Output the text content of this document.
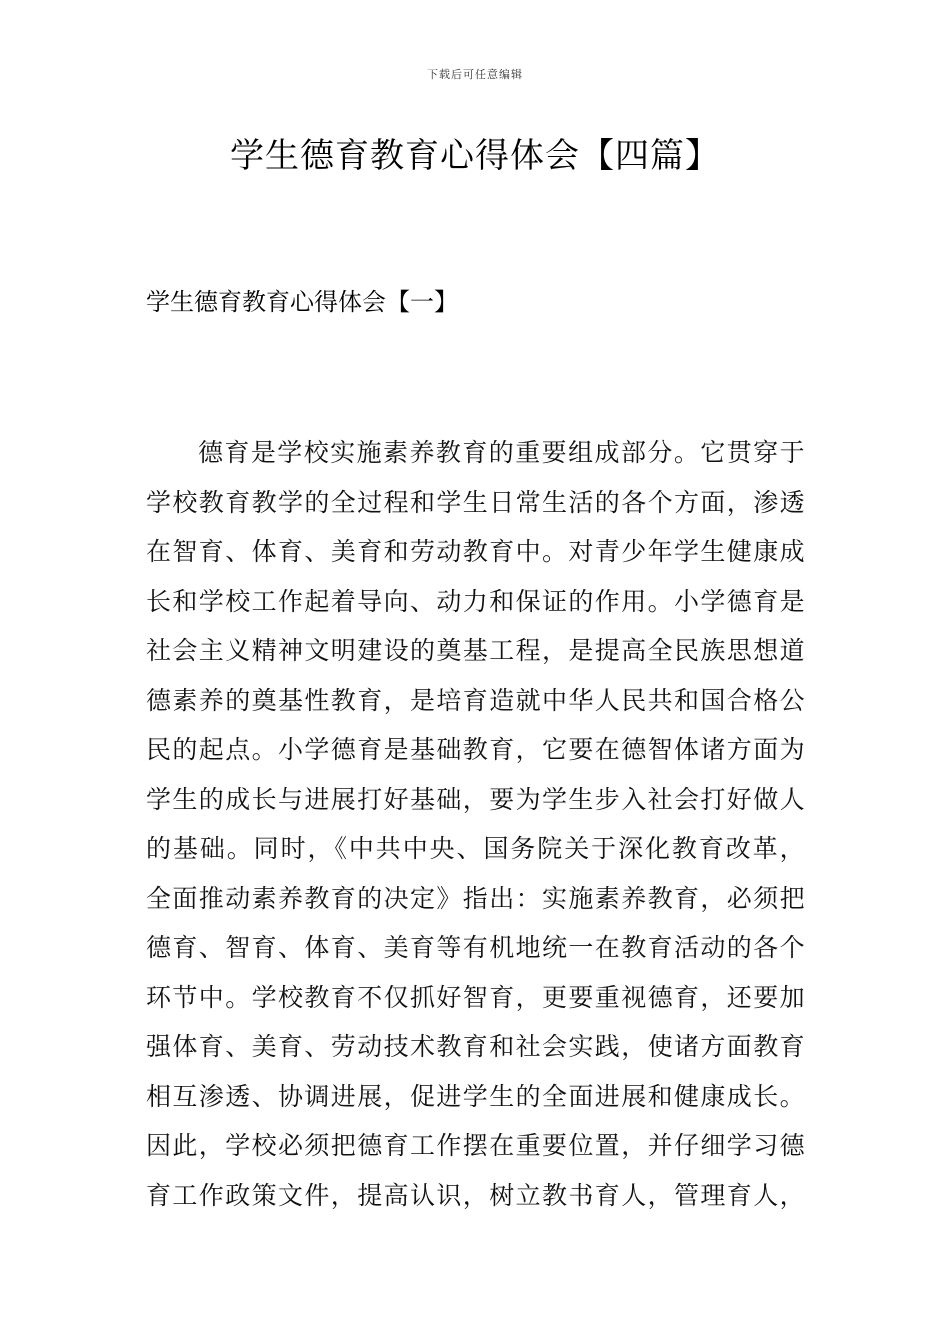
下载后可任意编辑
学生德育教育心得体会【四篇】
学生德育教育心得体会【一】

德育是学校实施素养教育的重要组成部分。它贯穿于学校教育教学的全过程和学生日常生活的各个方面，渗透在智育、体育、美育和劳动教育中。对青少年学生健康成长和学校工作起着导向、动力和保证的作用。小学德育是社会主义精神文明建设的奠基工程，是提高全民族思想道德素养的奠基性教育，是培育造就中华人民共和国合格公民的起点。小学德育是基础教育，它要在德智体诸方面为学生的成长与进展打好基础，要为学生步入社会打好做人的基础。同时，《中共中央、国务院关于深化教育改革，全面推动素养教育的决定》指出：实施素养教育，必须把德育、智育、体育、美育等有机地统一在教育活动的各个环节中。学校教育不仅抓好智育，更要重视德育，还要加强体育、美育、劳动技术教育和社会实践，使诸方面教育相互渗透、协调进展，促进学生的全面进展和健康成长。因此，学校必须把德育工作摆在重要位置，并仔细学习德育工作政策文件，提高认识，树立教书育人，管理育人，
